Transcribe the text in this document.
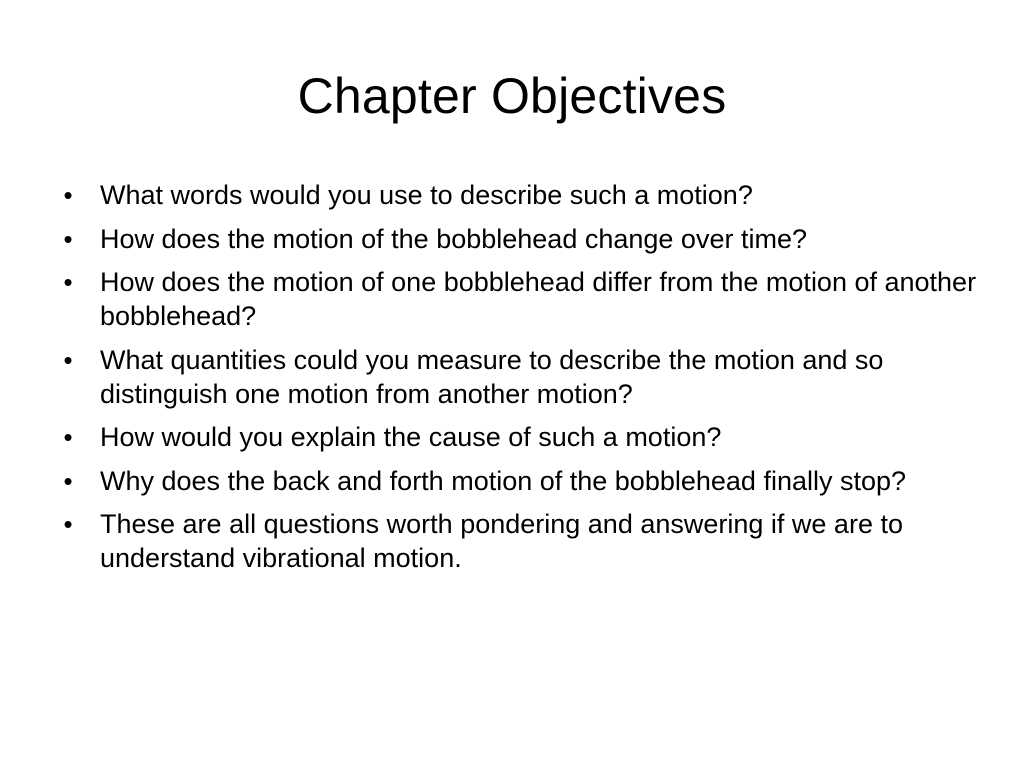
Chapter Objectives
• What words would you use to describe such a motion?
• How does the motion of the bobblehead change over time?
• How does the motion of one bobblehead differ from the motion of another bobblehead?
• What quantities could you measure to describe the motion and so distinguish one motion from another motion?
• How would you explain the cause of such a motion?
• Why does the back and forth motion of the bobblehead finally stop?
• These are all questions worth pondering and answering if we are to understand vibrational motion.
